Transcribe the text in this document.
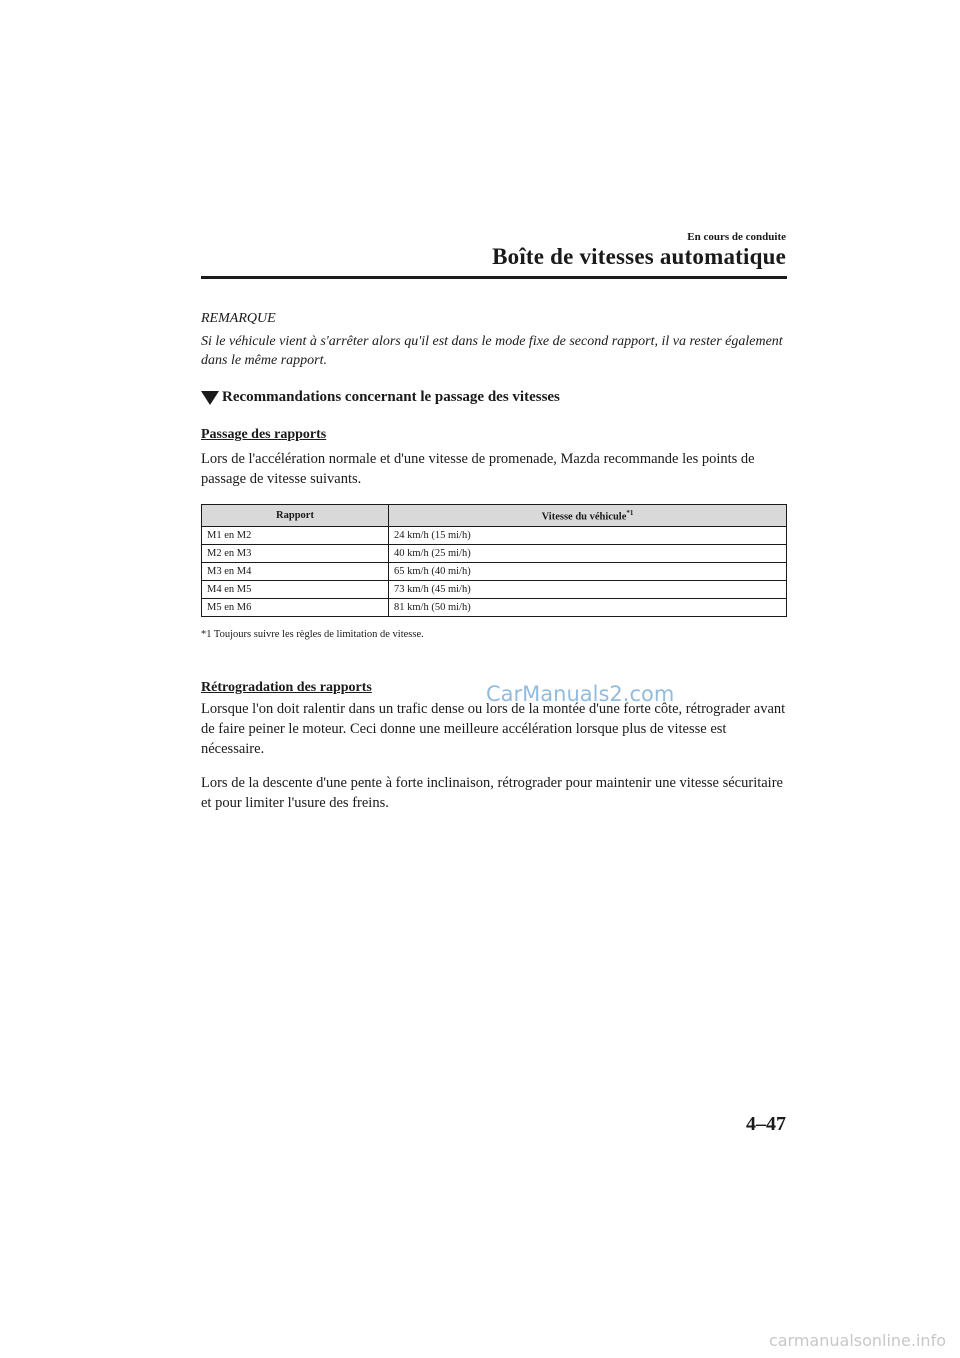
En cours de conduite
Boîte de vitesses automatique
REMARQUE
Si le véhicule vient à s'arrêter alors qu'il est dans le mode fixe de second rapport, il va rester également dans le même rapport.
Recommandations concernant le passage des vitesses
Passage des rapports
Lors de l'accélération normale et d'une vitesse de promenade, Mazda recommande les points de passage de vitesse suivants.
Rapport	Vitesse du véhicule$^{*1}$
M1 en M2	24 km/h (15 mi/h)
M2 en M3	40 km/h (25 mi/h)
M3 en M4	65 km/h (40 mi/h)
M4 en M5	73 km/h (45 mi/h)
M5 en M6	81 km/h (50 mi/h)
*1 Toujours suivre les règles de limitation de vitesse.
Rétrogradation des rapports	CarManuals2.com
Lorsque l'on doit ralentir dans un trafic dense ou lors de la montée d'une forte côte, rétrograder avant de faire peiner le moteur. Ceci donne une meilleure accélération lorsque plus de vitesse est nécessaire.
Lors de la descente d'une pente à forte inclinaison, rétrograder pour maintenir une vitesse sécuritaire et pour limiter l'usure des freins.
4–47
carmanualsonline.info
